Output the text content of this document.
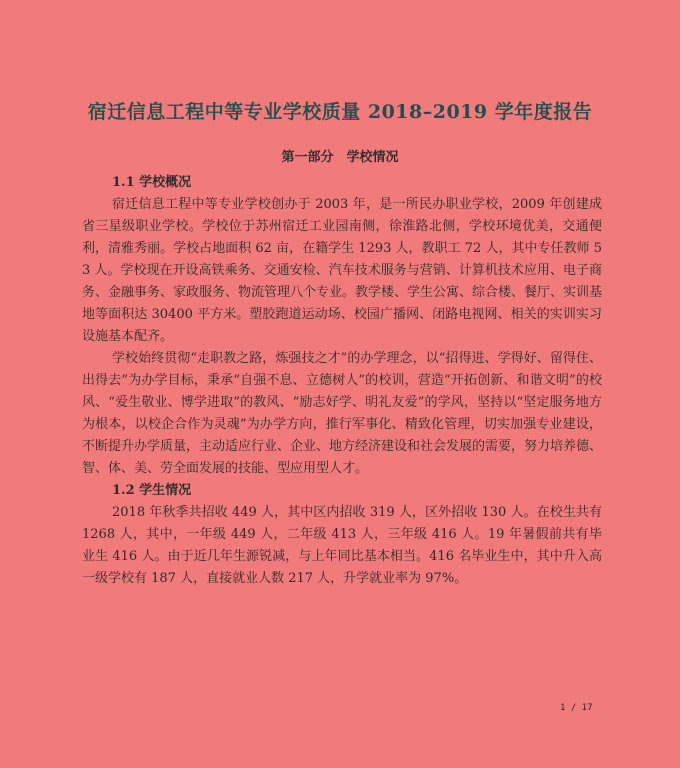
宿迁信息工程中等专业学校质量 2018–2019 学年度报告
第一部分　学校情况
1.1 学校概况

宿迁信息工程中等专业学校创办于 2003 年，是一所民办职业学校，2009 年创建成省三星级职业学校。学校位于苏州宿迁工业园南侧，徐淮路北侧，学校环境优美，交通便利，清雅秀丽。学校占地面积 62 亩，在籍学生 1293 人，教职工 72 人，其中专任教师 53 人。学校现在开设高铁乘务、交通安检、汽车技术服务与营销、计算机技术应用、电子商务、金融事务、家政服务、物流管理八个专业。教学楼、学生公寓、综合楼、餐厅、实训基地等面积达 30400 平方米。塑胶跑道运动场、校园广播网、闭路电视网、相关的实训实习设施基本配齐。

学校始终贯彻“走职教之路，炼强技之才”的办学理念，以“招得进、学得好、留得住、出得去”为办学目标，秉承“自强不息、立德树人”的校训，营造“开拓创新、和谐文明”的校风、“爱生敬业、博学进取”的教风、“励志好学、明礼友爱”的学风，坚持以“坚定服务地方为根本，以校企合作为灵魂”为办学方向，推行军事化、精致化管理，切实加强专业建设，不断提升办学质量，主动适应行业、企业、地方经济建设和社会发展的需要，努力培养德、智、体、美、劳全面发展的技能、型应用型人才。

1.2 学生情况

2018 年秋季共招收 449 人，其中区内招收 319 人，区外招收 130 人。在校生共有 1268 人，其中，一年级 449 人，二年级 413 人，三年级 416 人。19 年暑假前共有毕业生 416 人。由于近几年生源锐减，与上年同比基本相当。416 名毕业生中，其中升入高一级学校有 187 人，直接就业人数 217 人，升学就业率为 97%。

1 / 17
